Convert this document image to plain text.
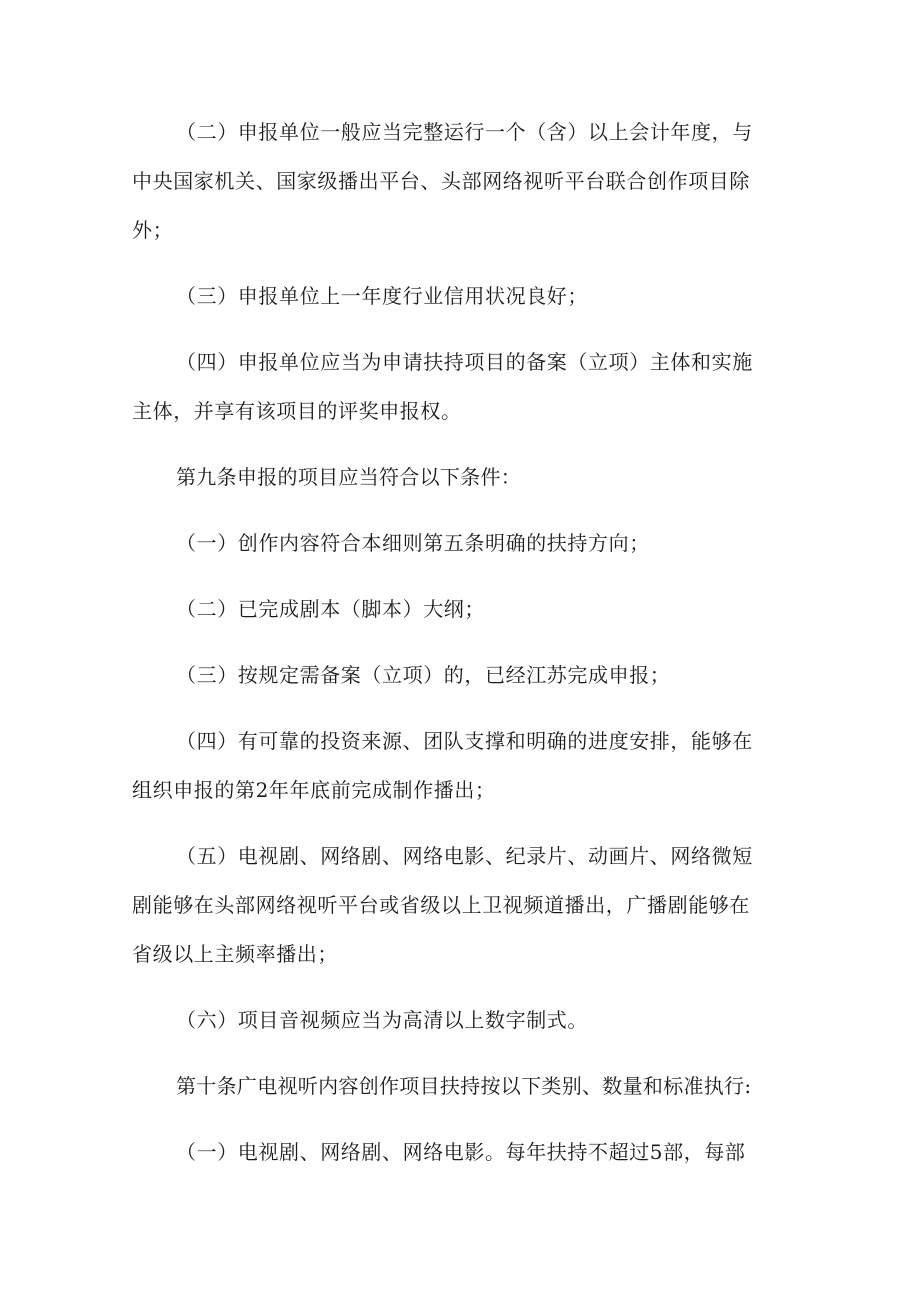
（二）申报单位一般应当完整运行一个（含）以上会计年度，与
中央国家机关、国家级播出平台、头部网络视听平台联合创作项目除
外；
（三）申报单位上一年度行业信用状况良好；
（四）申报单位应当为申请扶持项目的备案（立项）主体和实施
主体，并享有该项目的评奖申报权。
第九条申报的项目应当符合以下条件：
（一）创作内容符合本细则第五条明确的扶持方向；
（二）已完成剧本（脚本）大纲；
（三）按规定需备案（立项）的，已经江苏完成申报；
（四）有可靠的投资来源、团队支撑和明确的进度安排，能够在
组织申报的第2年年底前完成制作播出；
（五）电视剧、网络剧、网络电影、纪录片、动画片、网络微短
剧能够在头部网络视听平台或省级以上卫视频道播出，广播剧能够在
省级以上主频率播出；
（六）项目音视频应当为高清以上数字制式。
第十条广电视听内容创作项目扶持按以下类别、数量和标准执行:
（一）电视剧、网络剧、网络电影。每年扶持不超过5部，每部
